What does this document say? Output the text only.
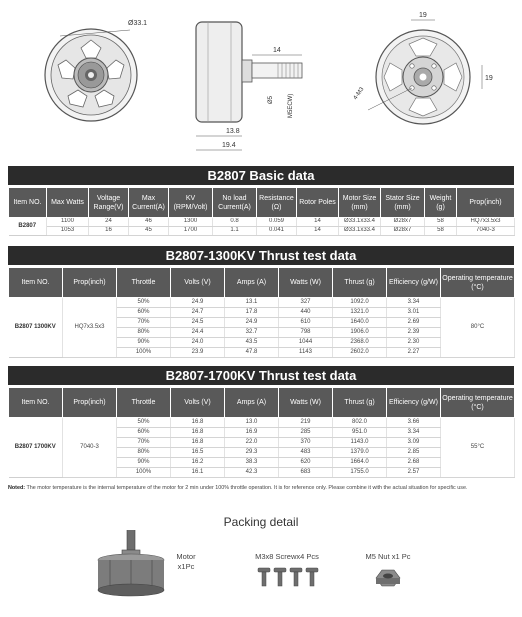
Ø33.1
14
Ø5 M5ECW)
13.8
19.4
19
19
4-M3
B2807 Basic data
Item NO.	Max Watts	Voltage Range(V)	Max Current(A)	KV (RPM/Volt)	No load Current(A)	Resistance (Ω)	Rotor Poles	Motor Size (mm)	Stator Size (mm)	Weight (g)	Prop(inch)
B2807	1100	24	46	1300	0.8	0.059	14	Ø33.1x33.4	Ø28x7	58	HQ7x3.5x3
	1053	16	45	1700	1.1	0.041	14	Ø33.1x33.4	Ø28x7	58	7040-3
B2807-1300KV Thrust test data
Item NO.	Prop(inch)	Throttle	Volts (V)	Amps (A)	Watts (W)	Thrust (g)	Efficiency (g/W)	Operating temperature (°C)
B2807 1300KV	HQ7x3.5x3	50%	24.9	13.1	327	1092.0	3.34	80°C
		60%	24.7	17.8	440	1321.0	3.01	
		70%	24.5	24.9	610	1640.0	2.69	
		80%	24.4	32.7	798	1906.0	2.39	
		90%	24.0	43.5	1044	2368.0	2.30	
		100%	23.9	47.8	1143	2602.0	2.27	
B2807-1700KV Thrust test data
Item NO.	Prop(inch)	Throttle	Volts (V)	Amps (A)	Watts (W)	Thrust (g)	Efficiency (g/W)	Operating temperature (°C)
B2807 1700KV	7040-3	50%	16.8	13.0	219	802.0	3.66	55°C
		60%	16.8	16.9	285	951.0	3.34	
		70%	16.8	22.0	370	1143.0	3.09	
		80%	16.5	29.3	483	1379.0	2.85	
		90%	16.2	38.3	620	1664.0	2.68	
		100%	16.1	42.3	683	1755.0	2.57	
Noted: The motor temperature is the internal temperature of the motor for 2 min under 100% throttle operation. It is for reference only. Please combine it with the actual situation for specific use.
Packing detail
Motor
x1Pc
M3x8 Screwx4 Pcs	M5 Nut x1 Pc
